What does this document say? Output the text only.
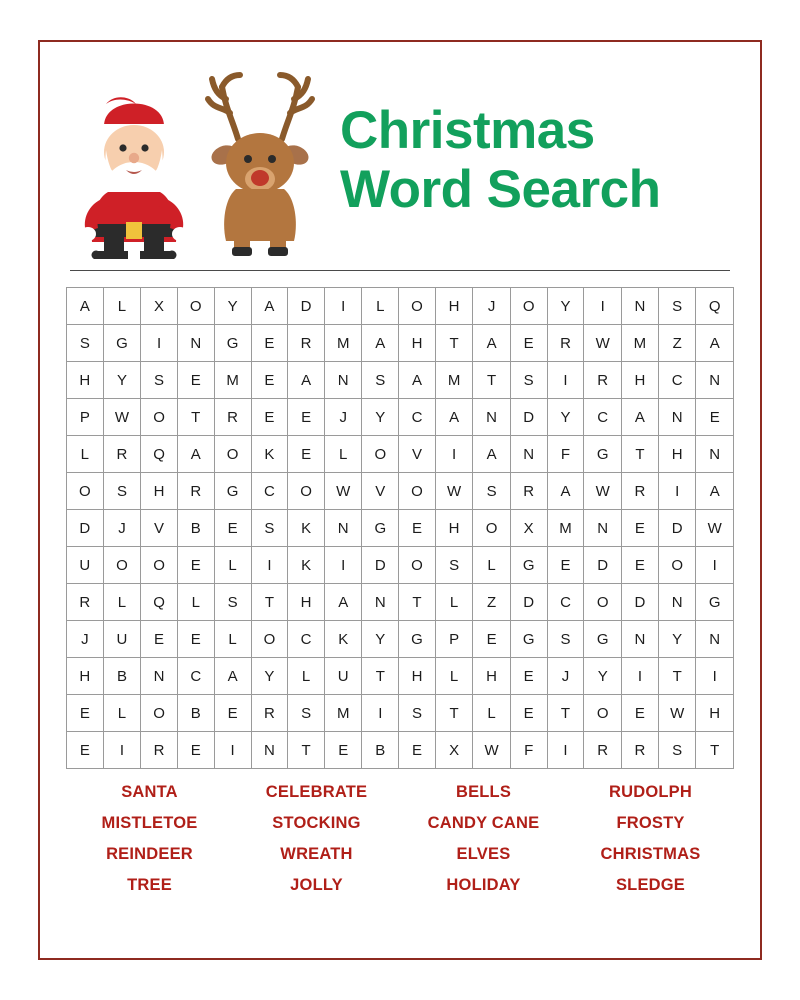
Christmas
Word Search
A	L	X	O	Y	A	D	I	L	O	H	J	O	Y	I	N	S	Q
S	G	I	N	G	E	R	M	A	H	T	A	E	R	W	M	Z	A
H	Y	S	E	M	E	A	N	S	A	M	T	S	I	R	H	C	N
P	W	O	T	R	E	E	J	Y	C	A	N	D	Y	C	A	N	E
L	R	Q	A	O	K	E	L	O	V	I	A	N	F	G	T	H	N
O	S	H	R	G	C	O	W	V	O	W	S	R	A	W	R	I	A
D	J	V	B	E	S	K	N	G	E	H	O	X	M	N	E	D	W
U	O	O	E	L	I	K	I	D	O	S	L	G	E	D	E	O	I
R	L	Q	L	S	T	H	A	N	T	L	Z	D	C	O	D	N	G
J	U	E	E	L	O	C	K	Y	G	P	E	G	S	G	N	Y	N
H	B	N	C	A	Y	L	U	T	H	L	H	E	J	Y	I	T	I
E	L	O	B	E	R	S	M	I	S	T	L	E	T	O	E	W	H
E	I	R	E	I	N	T	E	B	E	X	W	F	I	R	R	S	T
SANTA	CELEBRATE	BELLS	RUDOLPH
MISTLETOE	STOCKING	CANDY CANE	FROSTY
REINDEER	WREATH	ELVES	CHRISTMAS
TREE	JOLLY	HOLIDAY	SLEDGE
